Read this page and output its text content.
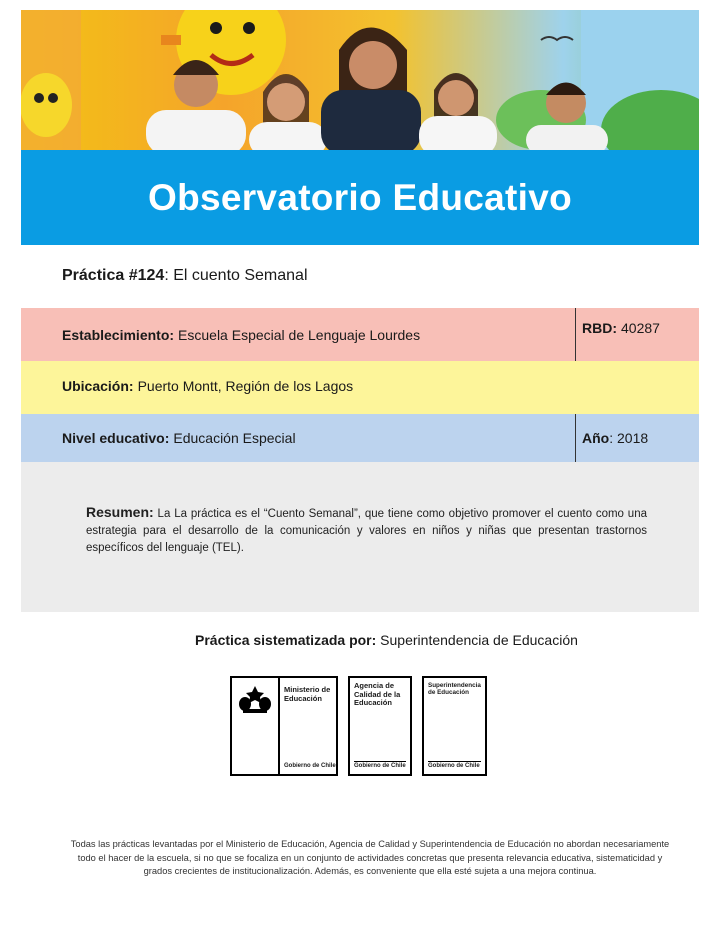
Observatorio Educativo
Práctica #124: El cuento Semanal
Establecimiento: Escuela Especial de Lenguaje Lourdes	RBD: 40287
Ubicación: Puerto Montt, Región de los Lagos
Nivel educativo: Educación Especial	Año : 2018
Resumen: La La práctica es el “Cuento Semanal”, que tiene como objetivo promover el cuento como una estrategia para el desarrollo de la comunicación y valores en niños y niñas que presentan trastornos específicos del lenguaje (TEL).
Práctica sistematizada por: Superintendencia de Educación
Ministerio de
Educación
Gobierno de Chile
Agencia de
Calidad de la
Educación
Gobierno de Chile
Superintendencia
de Educación
Gobierno de Chile
Todas las prácticas levantadas por el Ministerio de Educación, Agencia de Calidad y Superintendencia de Educación no abordan necesariamente todo el hacer de la escuela, si no que se focaliza en un conjunto de actividades concretas que presenta relevancia educativa, sistematicidad y grados crecientes de institucionalización. Además, es conveniente que ella esté sujeta a una mejora continua.
